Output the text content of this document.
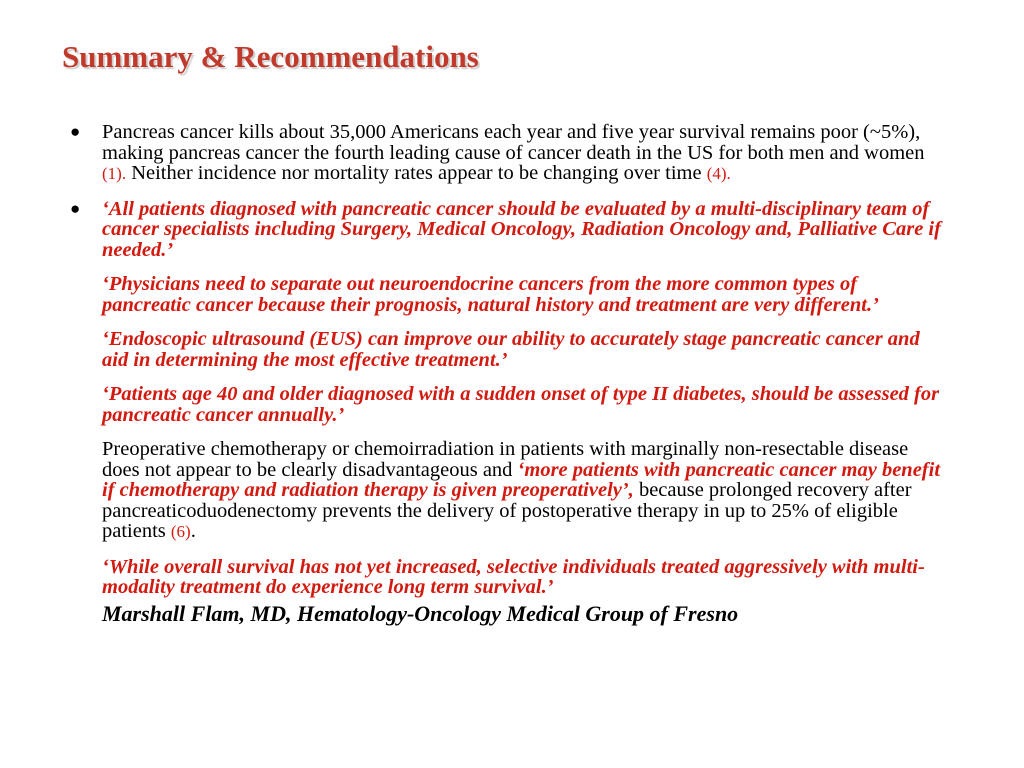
Summary & Recommendations
● Pancreas cancer kills about 35,000 Americans each year and five year survival remains poor (~5%), making pancreas cancer the fourth leading cause of cancer death in the US for both men and women (1). Neither incidence nor mortality rates appear to be changing over time (4).
● ‘All patients diagnosed with pancreatic cancer should be evaluated by a multi-disciplinary team of cancer specialists including Surgery, Medical Oncology, Radiation Oncology and, Palliative Care if needed.’
‘Physicians need to separate out neuroendocrine cancers from the more common types of pancreatic cancer because their prognosis, natural history and treatment are very different.’
‘Endoscopic ultrasound (EUS) can improve our ability to accurately stage pancreatic cancer and aid in determining the most effective treatment.’
‘Patients age 40 and older diagnosed with a sudden onset of type II diabetes, should be assessed for pancreatic cancer annually.’
Preoperative chemotherapy or chemoirradiation in patients with marginally non-resectable disease does not appear to be clearly disadvantageous and ‘more patients with pancreatic cancer may benefit if chemotherapy and radiation therapy is given preoperatively’, because prolonged recovery after pancreaticoduodenectomy prevents the delivery of postoperative therapy in up to 25% of eligible patients (6).
‘While overall survival has not yet increased, selective individuals treated aggressively with multi-modality treatment do experience long term survival.’
Marshall Flam, MD, Hematology-Oncology Medical Group of Fresno
